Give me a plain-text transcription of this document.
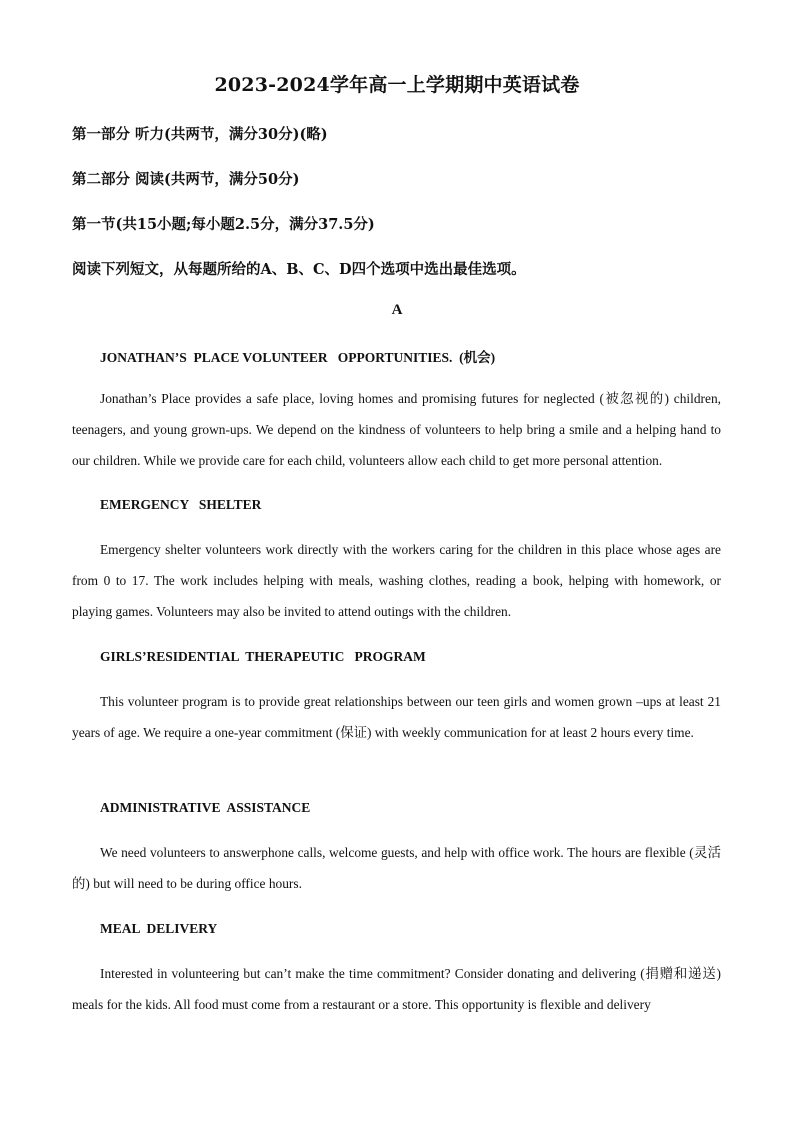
2023-2024学年高一上学期期中英语试卷
第一部分 听力(共两节，满分30分)(略)
第二部分 阅读(共两节，满分50分)
第一节(共15小题;每小题2.5分，满分37.5分)
阅读下列短文，从每题所给的A、B、C、D四个选项中选出最佳选项。
A
JONATHAN’S  PLACE VOLUNTEER   OPPORTUNITIES.  (机会)
Jonathan’s Place provides a safe place, loving homes and promising futures for neglected (被忽视的) children, teenagers, and young grown-ups. We depend on the kindness of volunteers to help bring a smile and a helping hand to our children. While we provide care for each child, volunteers allow each child to get more personal attention.
EMERGENCY   SHELTER
Emergency shelter volunteers work directly with the workers caring for the children in this place whose ages are from 0 to 17. The work includes helping with meals, washing clothes, reading a book, helping with homework, or playing games. Volunteers may also be invited to attend outings with the children.
GIRLS’RESIDENTIAL  THERAPEUTIC   PROGRAM
This volunteer program is to provide great relationships between our teen girls and women grown –ups at least 21 years of age. We require a one-year commitment (保证) with weekly communication for at least 2 hours every time.
ADMINISTRATIVE  ASSISTANCE
We need volunteers to answerphone calls, welcome guests, and help with office work. The hours are flexible (灵活的) but will need to be during office hours.
MEAL  DELIVERY
Interested in volunteering but can’t make the time commitment? Consider donating and delivering (捐赠和递送) meals for the kids. All food must come from a restaurant or a store. This opportunity is flexible and delivery
